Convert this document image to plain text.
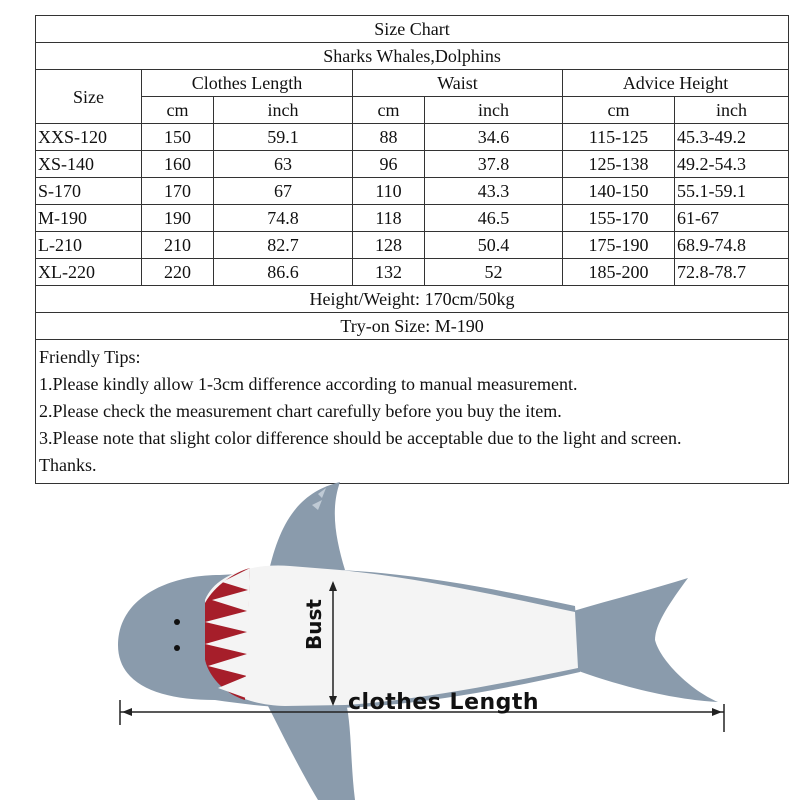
Size Chart						
Sharks Whales,Dolphins						
Size	Clothes Length		Waist		Advice Height	
	cm	inch	cm	inch	cm	inch
XXS-120	150	59.1	88	34.6	115-125	45.3-49.2
XS-140	160	63	96	37.8	125-138	49.2-54.3
S-170	170	67	110	43.3	140-150	55.1-59.1
M-190	190	74.8	118	46.5	155-170	61-67
L-210	210	82.7	128	50.4	175-190	68.9-74.8
XL-220	220	86.6	132	52	185-200	72.8-78.7
Height/Weight: 170cm/50kg						
Try-on Size: M-190						

Friendly Tips:
1.Please kindly allow 1-3cm difference according to manual measurement.
2.Please check the measurement chart carefully before you buy the item.
3.Please note that slight color difference should be acceptable due to the light and screen.
Thanks.						
Bust
clothes Length
